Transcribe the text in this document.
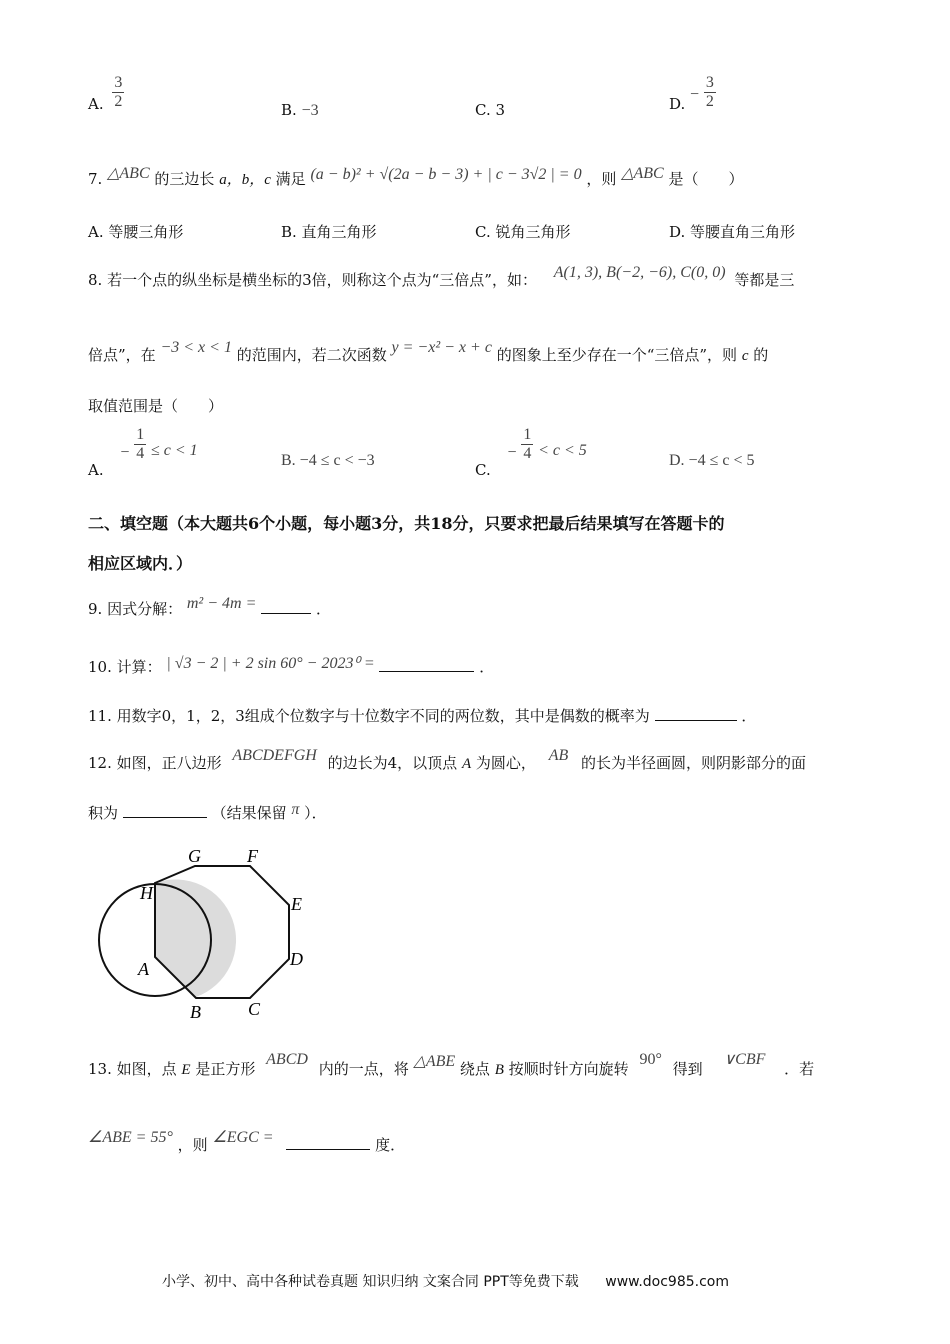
A. $\frac{3}{2}$	B. −3	C. 3	D. − $\frac{3}{2}$
7. △ABC 的三边长 a，b，c 满足 (a − b)² + √(2a − b − 3) + | c − 3√2 | = 0 ，则 △ABC 是（　　）
A. 等腰三角形	B. 直角三角形	C. 锐角三角形	D. 等腰直角三角形
8. 若一个点的纵坐标是横坐标的3倍，则称这个点为“三倍点”，如： A(1, 3), B(−2, −6), C(0, 0) 等都是三
倍点”，在 −3 < x < 1 的范围内，若二次函数 y = −x² − x + c 的图象上至少存在一个“三倍点”，则 c 的
取值范围是（　　）
A. − $\frac{1}{4} \le c < 1$
B. −4 ≤ c < −3	C. − $\frac{1}{4} < c < 5$
D. −4 ≤ c < 5
二、填空题（本大题共6个小题，每小题3分，共18分，只要求把最后结果填写在答题卡的
相应区域内．）
9. 因式分解： m² − 4m =	．
10. 计算： | √3 − 2 | + 2 sin 60° − 2023⁰ =	．
11. 用数字0，1，2，3组成个位数字与十位数字不同的两位数，其中是偶数的概率为	．
12. 如图，正八边形 ABCDEFGH 的边长为4，以顶点 A 为圆心， AB 的长为半径画圆，则阴影部分的面
积为	（结果保留 π ）．
G	F
H
E
A	D
B	C
13. 如图，点 E 是正方形 ABCD 内的一点，将 △ABE 绕点 B 按顺时针方向旋转 90° 得到 ∨CBF ．若
∠ABE = 55° ，则 ∠EGC =	度．
小学、初中、高中各种试卷真题 知识归纳 文案合同 PPT等免费下载 www.doc985.com
